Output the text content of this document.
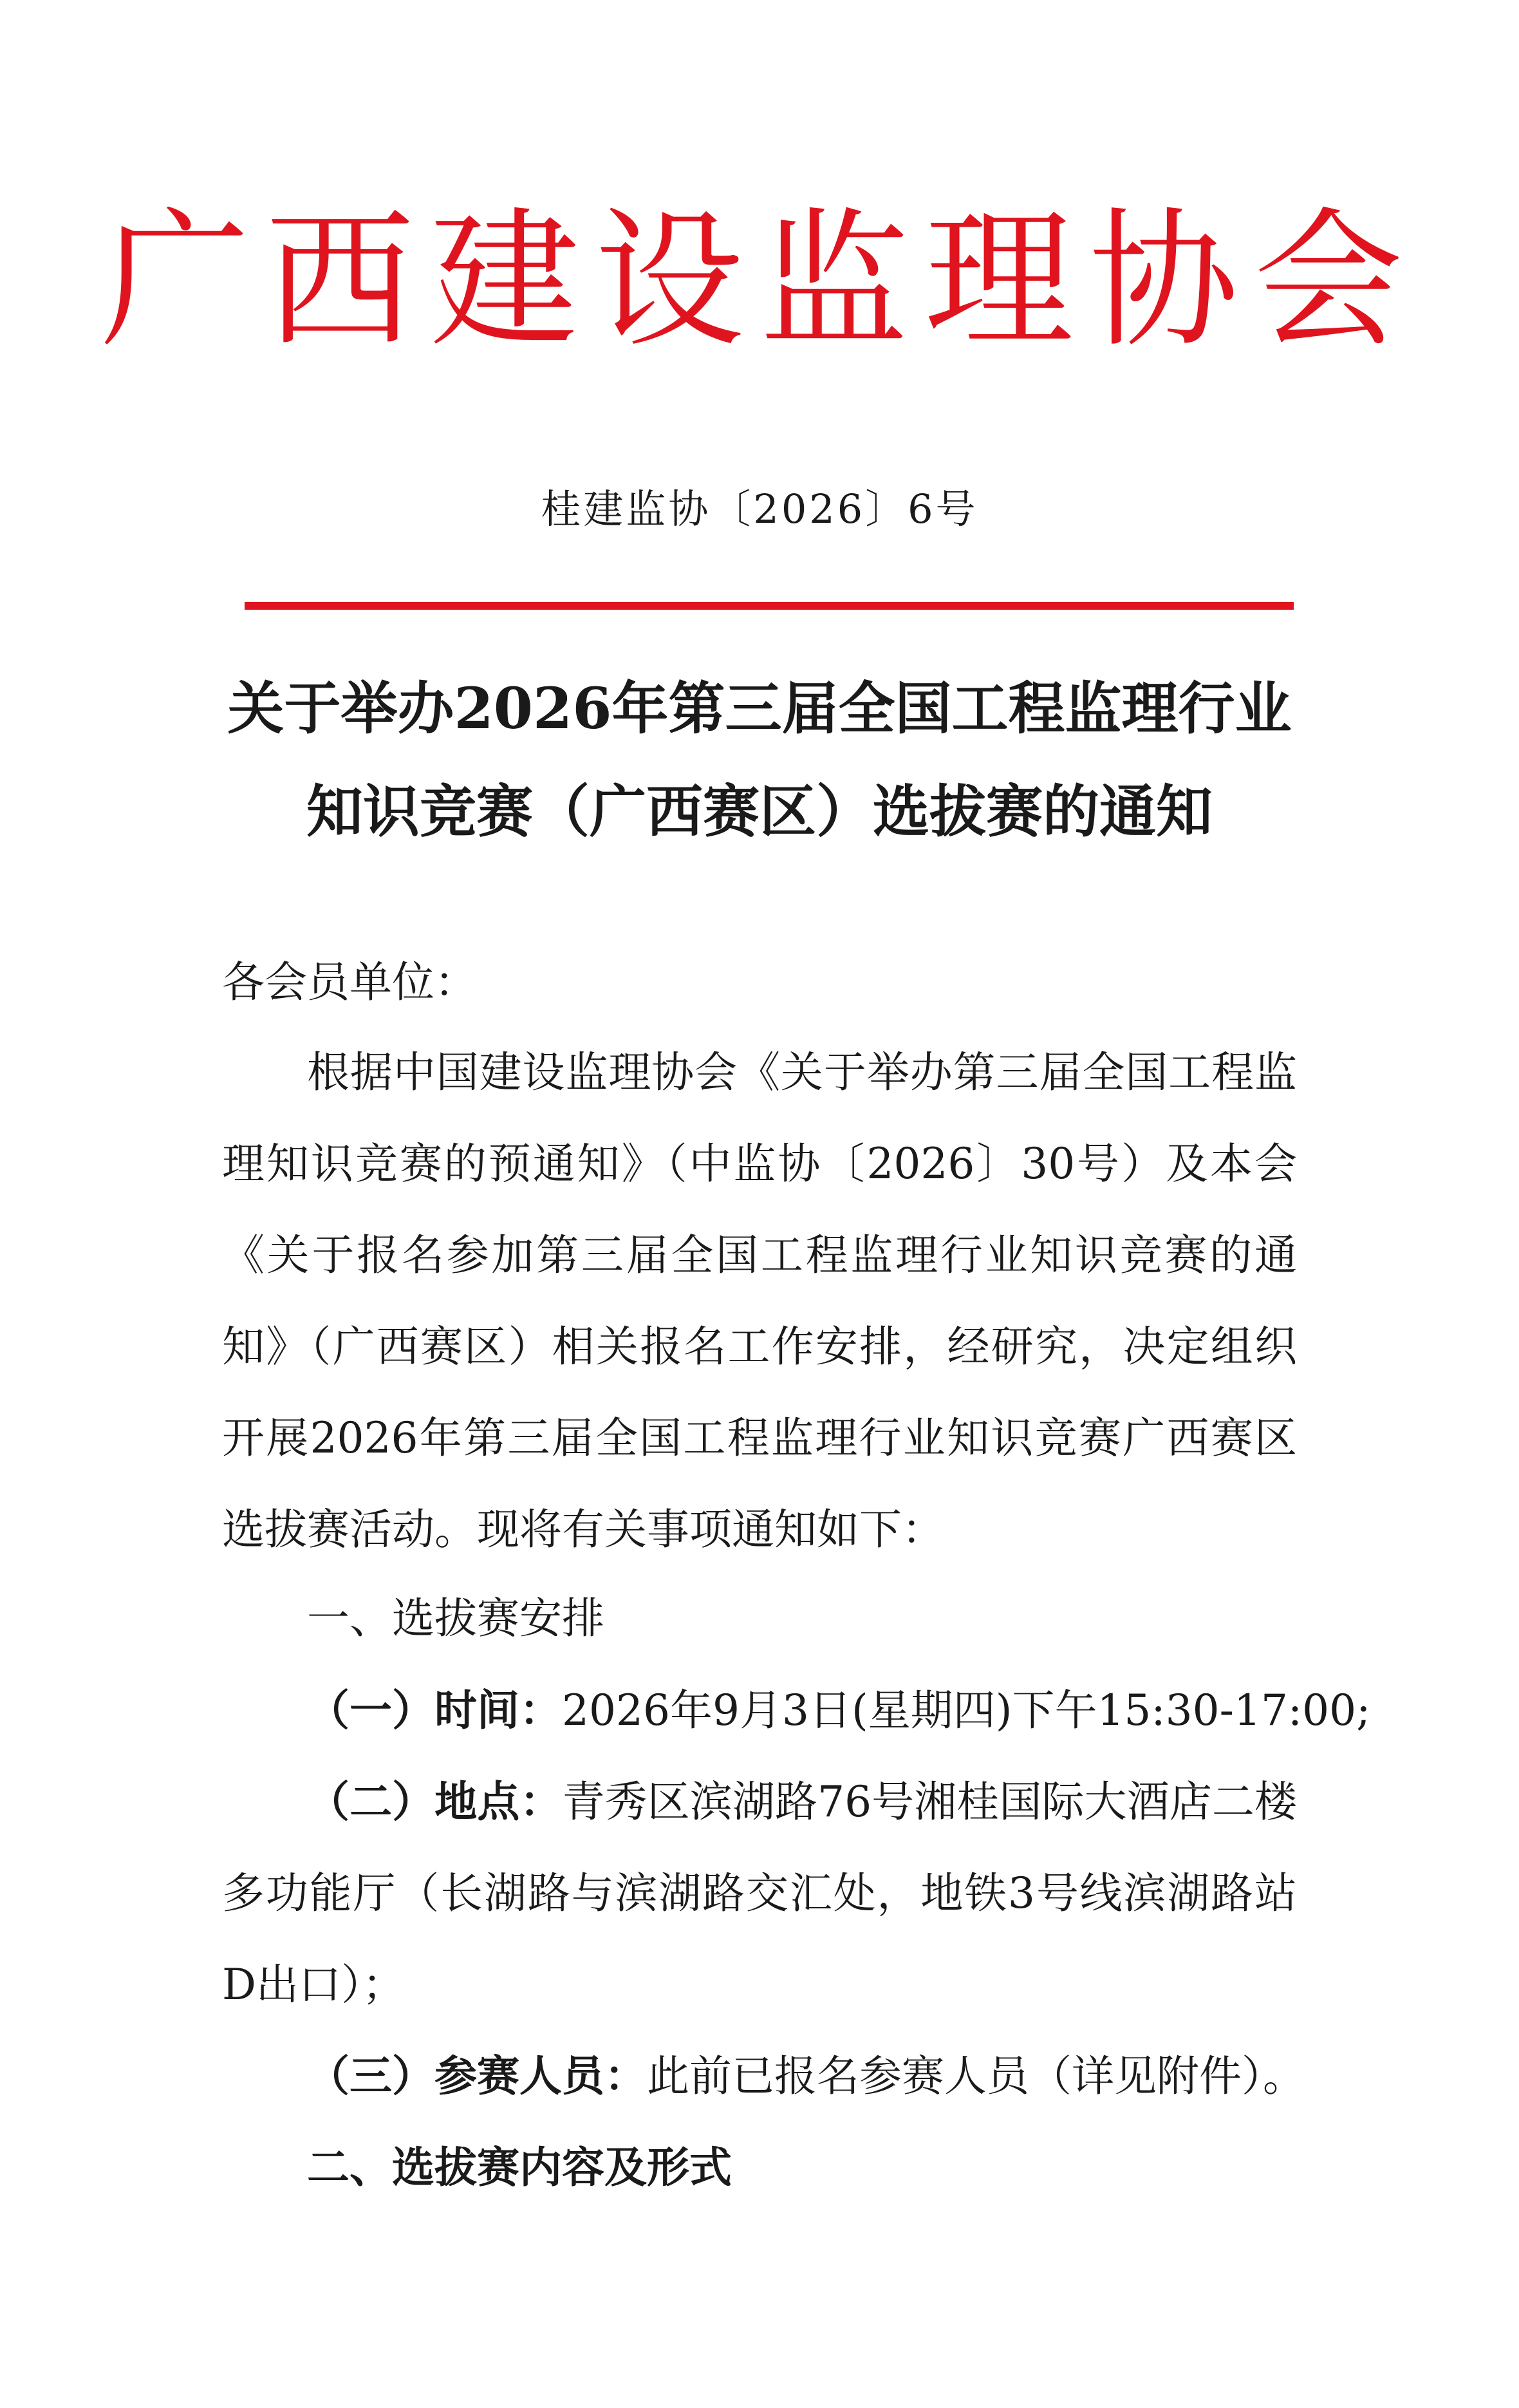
广西建设监理协会
桂建监协〔2026〕6号
关于举办2026年第三届全国工程监理行业
知识竞赛（广西赛区）选拔赛的通知
各会员单位：
根据中国建设监理协会《关于举办第三届全国工程监理知识竞赛的预通知》（中监协〔2026〕30号）及本会《关于报名参加第三届全国工程监理行业知识竞赛的通知》（广西赛区）相关报名工作安排，经研究，决定组织开展2026年第三届全国工程监理行业知识竞赛广西赛区选拔赛活动。现将有关事项通知如下：
一、选拔赛安排
（一）时间：2026年9月3日(星期四)下午15:30-17:00;
（二）地点：青秀区滨湖路76号湘桂国际大酒店二楼多功能厅（长湖路与滨湖路交汇处，地铁3号线滨湖路站D出口）；
（三）参赛人员：此前已报名参赛人员（详见附件）。
二、选拔赛内容及形式
